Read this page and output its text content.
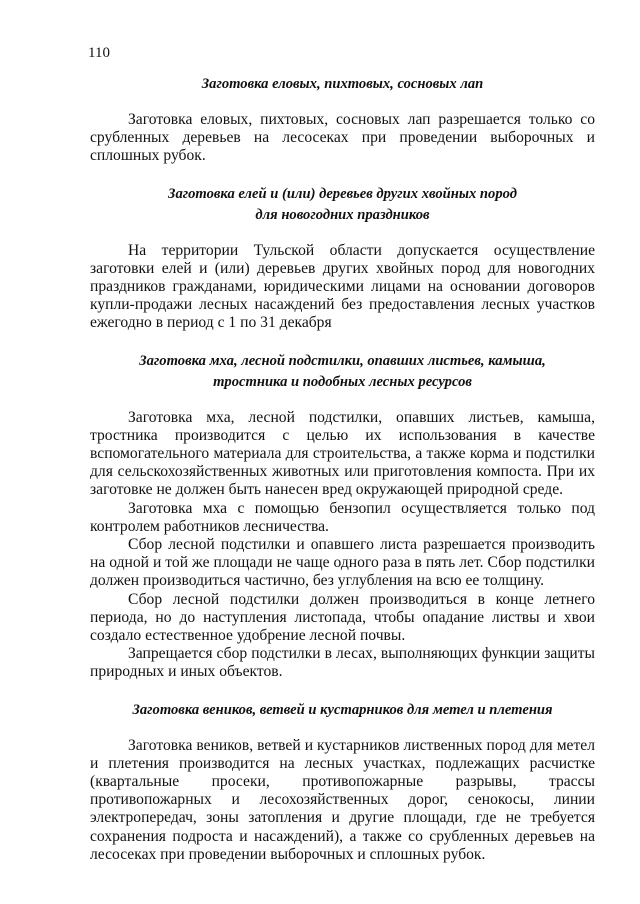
110
Заготовка еловых, пихтовых, сосновых лап

Заготовка еловых, пихтовых, сосновых лап разрешается только со срубленных деревьев на лесосеках при проведении выборочных и сплошных рубок.

Заготовка елей и (или) деревьев других хвойных пород
для новогодних праздников

На территории Тульской области допускается осуществление заготовки елей и (или) деревьев других хвойных пород для новогодних праздников гражданами, юридическими лицами на основании договоров купли-продажи лесных насаждений без предоставления лесных участков ежегодно в период с 1 по 31 декабря

Заготовка мха, лесной подстилки, опавших листьев, камыша,
тростника и подобных лесных ресурсов

Заготовка мха, лесной подстилки, опавших листьев, камыша, тростника производится с целью их использования в качестве вспомогательного материала для строительства, а также корма и подстилки для сельскохозяйственных животных или приготовления компоста. При их заготовке не должен быть нанесен вред окружающей природной среде.

Заготовка мха с помощью бензопил осуществляется только под контролем работников лесничества.

Сбор лесной подстилки и опавшего листа разрешается производить на одной и той же площади не чаще одного раза в пять лет. Сбор подстилки должен производиться частично, без углубления на всю ее толщину.

Сбор лесной подстилки должен производиться в конце летнего периода, но до наступления листопада, чтобы опадание листвы и хвои создало естественное удобрение лесной почвы.

Запрещается сбор подстилки в лесах, выполняющих функции защиты природных и иных объектов.

Заготовка веников, ветвей и кустарников для метел и плетения

Заготовка веников, ветвей и кустарников лиственных пород для метел и плетения производится на лесных участках, подлежащих расчистке (квартальные просеки, противопожарные разрывы, трассы противопожарных и лесохозяйственных дорог, сенокосы, линии электропередач, зоны затопления и другие площади, где не требуется сохранения подроста и насаждений), а также со срубленных деревьев на лесосеках при проведении выборочных и сплошных рубок.
